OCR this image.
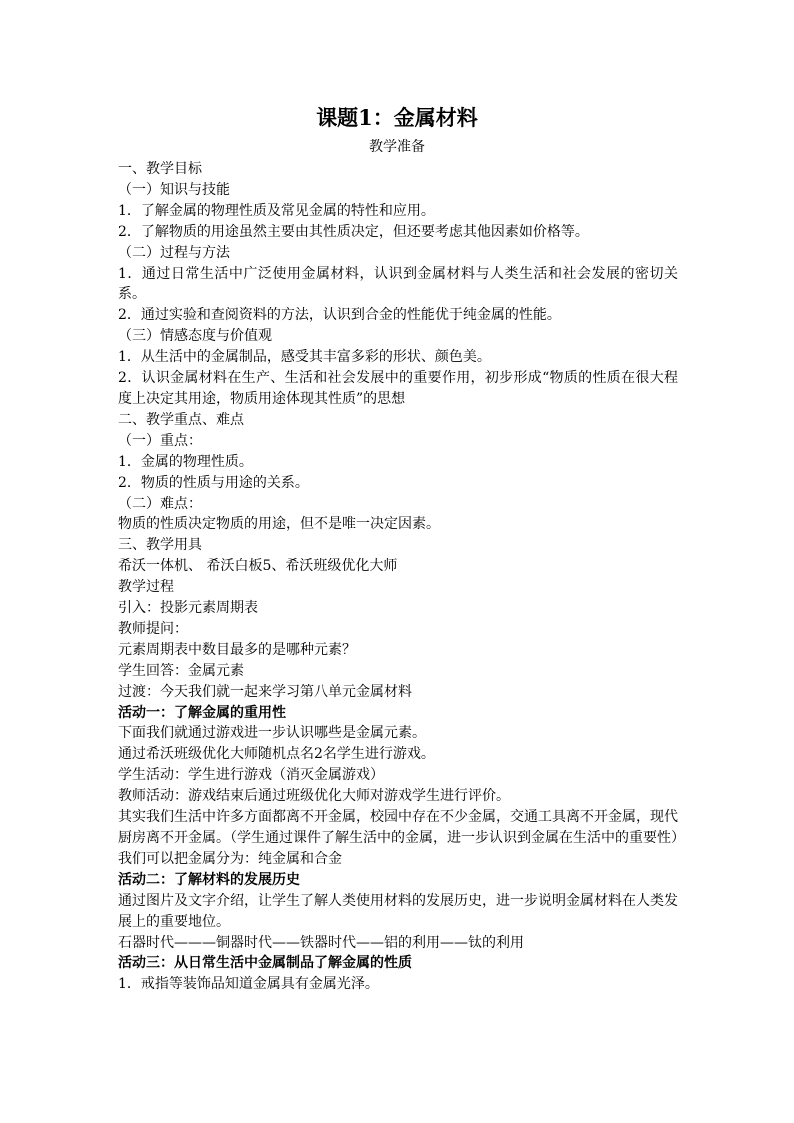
课题1：金属材料
教学准备

一、教学目标

（一）知识与技能

1．了解金属的物理性质及常见金属的特性和应用。

2．了解物质的用途虽然主要由其性质决定，但还要考虑其他因素如价格等。

（二）过程与方法

1．通过日常生活中广泛使用金属材料，认识到金属材料与人类生活和社会发展的密切关系。

2．通过实验和查阅资料的方法，认识到合金的性能优于纯金属的性能。

（三）情感态度与价值观

1．从生活中的金属制品，感受其丰富多彩的形状、颜色美。

2．认识金属材料在生产、生活和社会发展中的重要作用，初步形成“物质的性质在很大程度上决定其用途，物质用途体现其性质”的思想

二、教学重点、难点

（一）重点：

1．金属的物理性质。

2．物质的性质与用途的关系。

（二）难点：

物质的性质决定物质的用途，但不是唯一决定因素。

三、教学用具

希沃一体机、 希沃白板5、希沃班级优化大师

教学过程

引入：投影元素周期表

教师提问：

元素周期表中数目最多的是哪种元素？

学生回答：金属元素

过渡：今天我们就一起来学习第八单元金属材料

活动一：了解金属的重用性

下面我们就通过游戏进一步认识哪些是金属元素。

通过希沃班级优化大师随机点名2名学生进行游戏。

学生活动：学生进行游戏（消灭金属游戏）

教师活动：游戏结束后通过班级优化大师对游戏学生进行评价。

其实我们生活中许多方面都离不开金属，校园中存在不少金属，交通工具离不开金属，现代厨房离不开金属。（学生通过课件了解生活中的金属，进一步认识到金属在生活中的重要性）

我们可以把金属分为：纯金属和合金

活动二：了解材料的发展历史

通过图片及文字介绍，让学生了解人类使用材料的发展历史，进一步说明金属材料在人类发展上的重要地位。

石器时代———铜器时代——铁器时代——铝的利用——钛的利用

活动三：从日常生活中金属制品了解金属的性质

1．戒指等装饰品知道金属具有金属光泽。
